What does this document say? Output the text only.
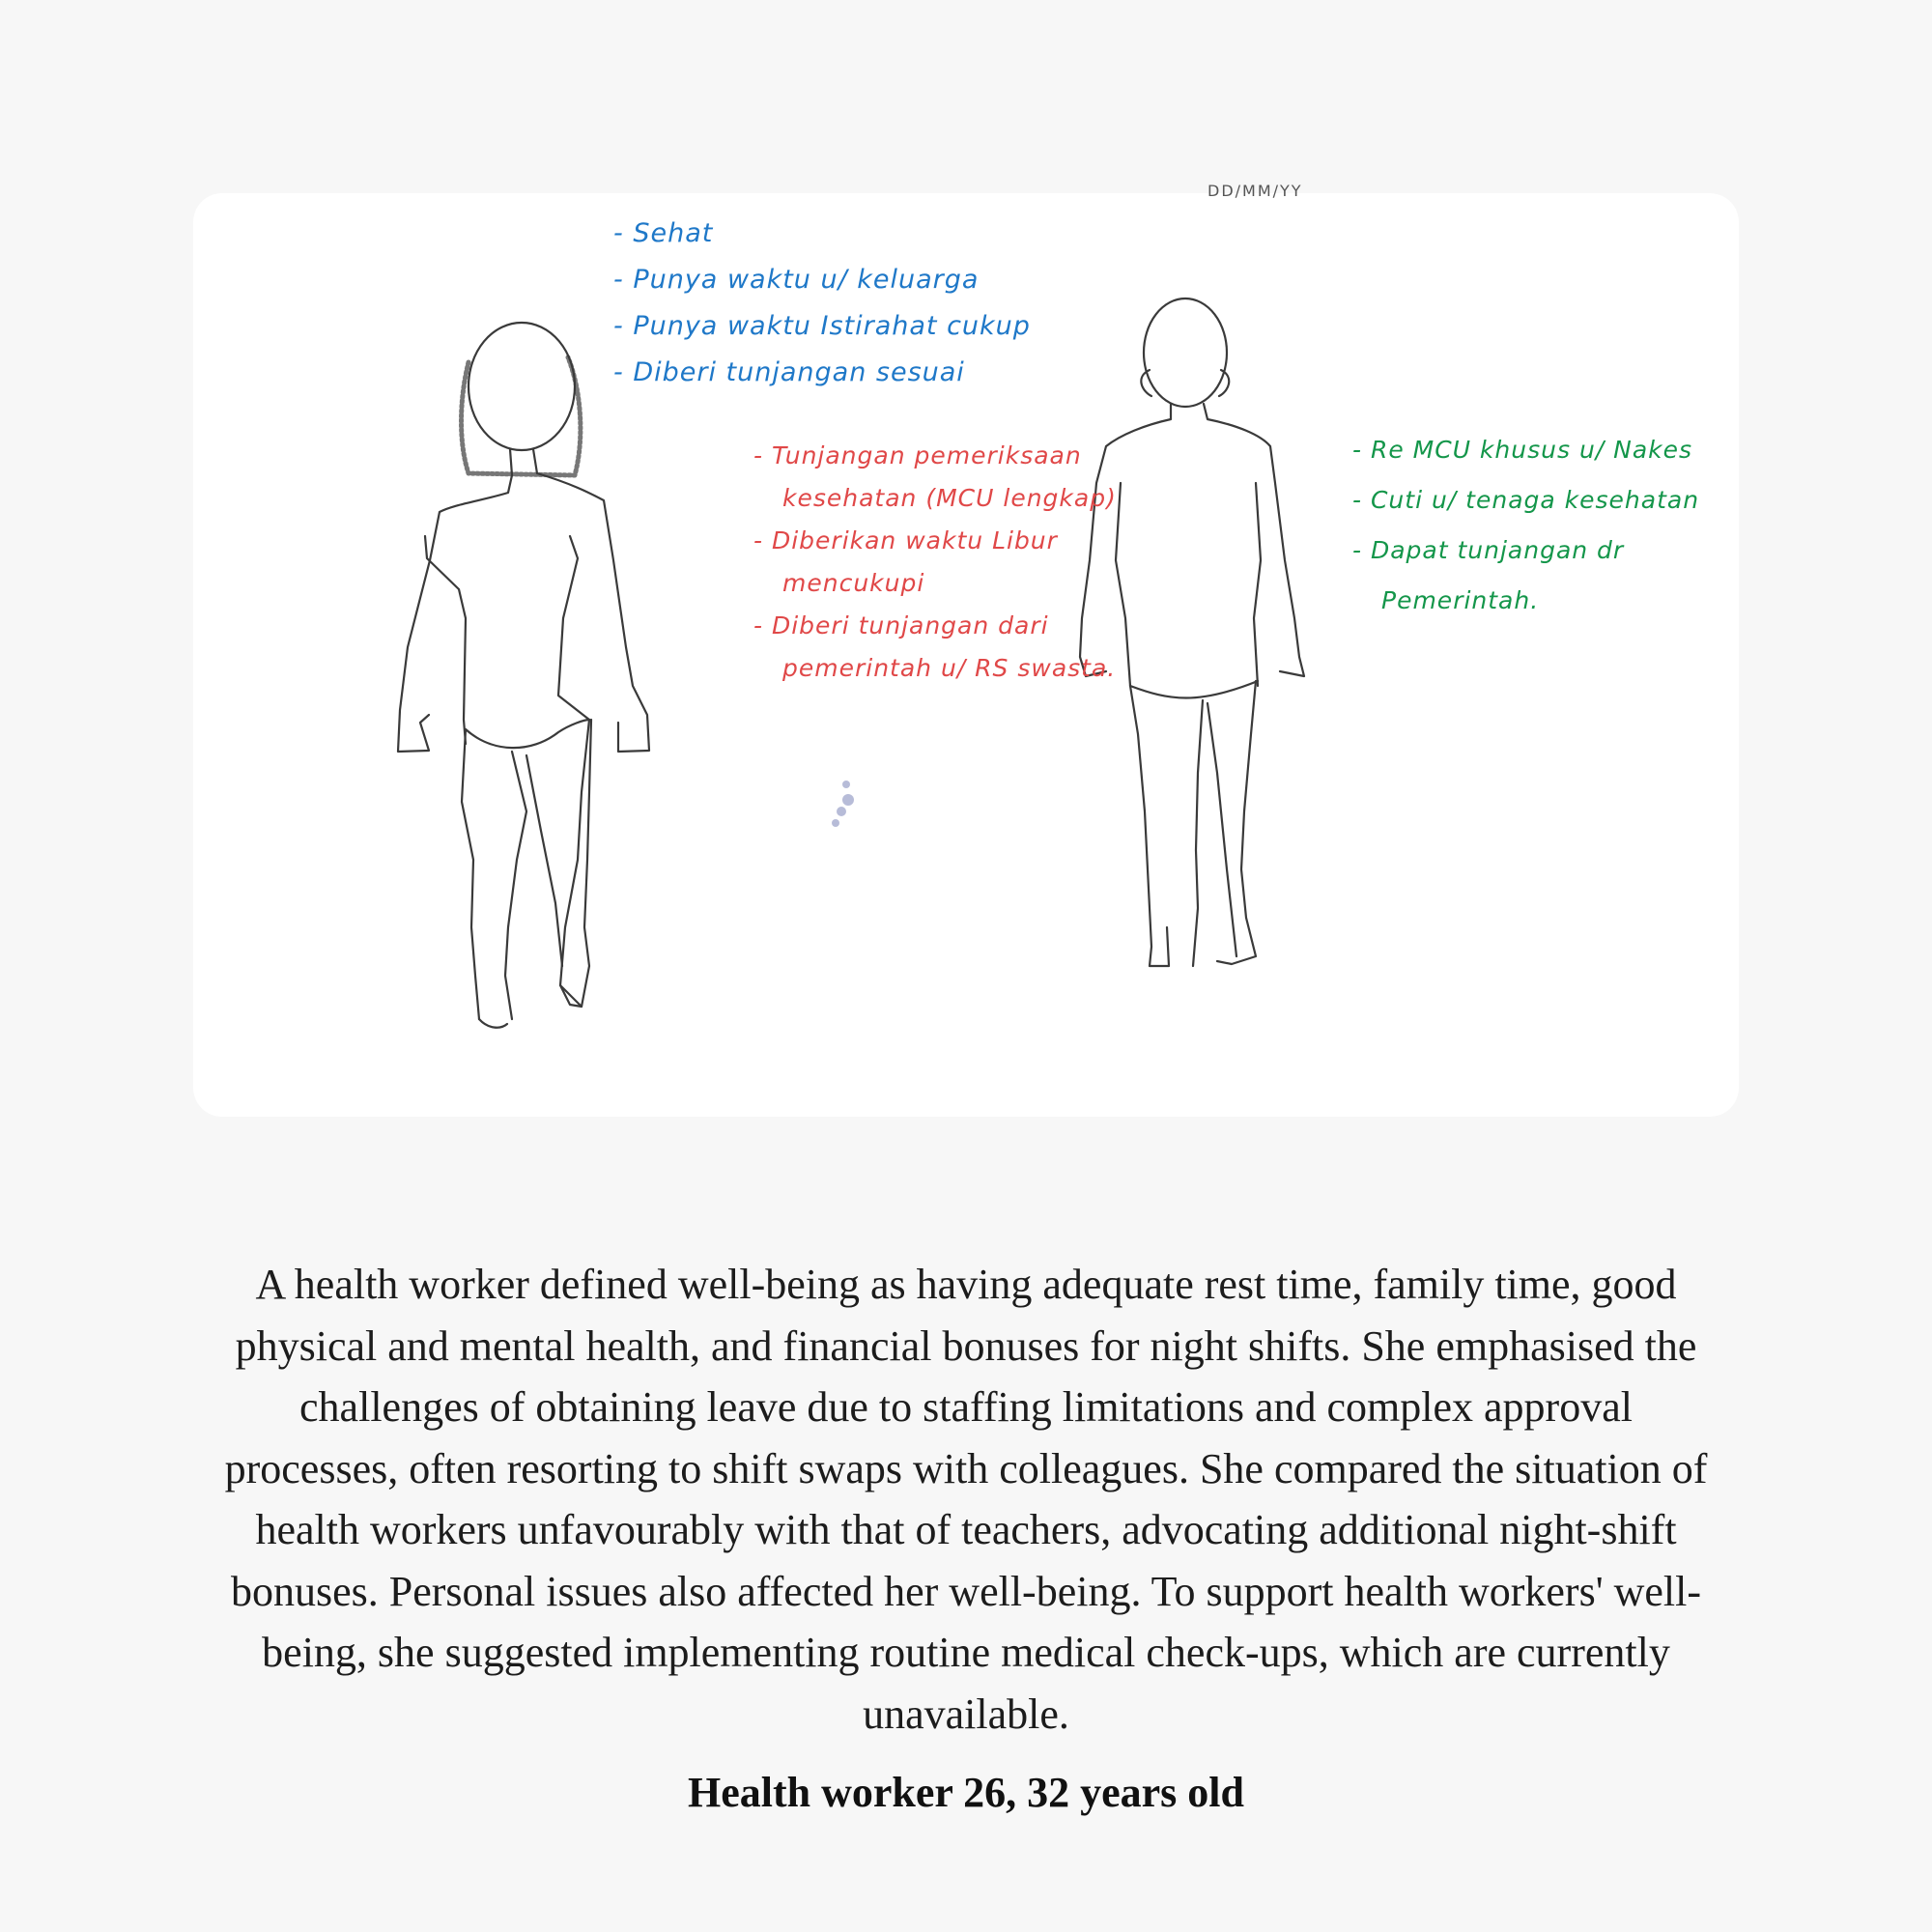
DD/MM/YY
- Sehat
- Punya waktu u/ keluarga
- Punya waktu Istirahat cukup
- Diberi tunjangan sesuai
- Tunjangan pemeriksaan
kesehatan (MCU lengkap)
- Diberikan waktu Libur
mencukupi
- Diberi tunjangan dari
pemerintah u/ RS swasta.
- Re MCU khusus u/ Nakes
- Cuti u/ tenaga kesehatan
- Dapat tunjangan dr
Pemerintah.

A health worker defined well-being as having adequate rest time, family time, good physical and mental health, and financial bonuses for night shifts. She emphasised the challenges of obtaining leave due to staffing limitations and complex approval processes, often resorting to shift swaps with colleagues. She compared the situation of health workers unfavourably with that of teachers, advocating additional night-shift bonuses. Personal issues also affected her well-being. To support health workers' well-being, she suggested implementing routine medical check-ups, which are currently unavailable.

Health worker 26, 32 years old
